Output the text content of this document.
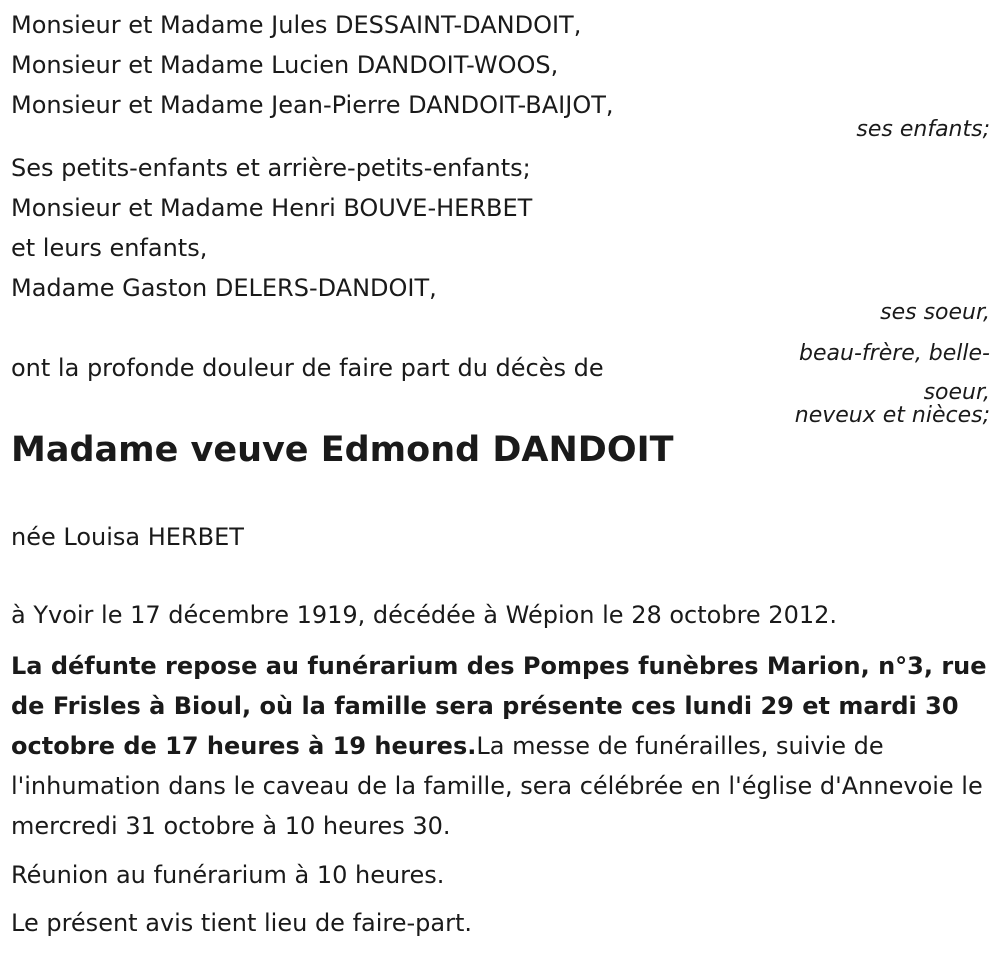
Monsieur et Madame Jules DESSAINT-DANDOIT,
Monsieur et Madame Lucien DANDOIT-WOOS,
Monsieur et Madame Jean-Pierre DANDOIT-BAIJOT,
ses enfants;
Ses petits-enfants et arrière-petits-enfants;
Monsieur et Madame Henri BOUVE-HERBET
et leurs enfants,
Madame Gaston DELERS-DANDOIT,
ses soeur,
beau-frère, belle-
soeur,
neveux et nièces;
ont la profonde douleur de faire part du décès de
Madame veuve Edmond DANDOIT
née Louisa HERBET
à Yvoir le 17 décembre 1919, décédée à Wépion le 28 octobre 2012.
La défunte repose au funérarium des Pompes funèbres Marion, n°3, rue de Frisles à Bioul, où la famille sera présente ces lundi 29 et mardi 30 octobre de 17 heures à 19 heures.La messe de funérailles, suivie de l'inhumation dans le caveau de la famille, sera célébrée en l'église d'Annevoie le mercredi 31 octobre à 10 heures 30.
Réunion au funérarium à 10 heures.
Le présent avis tient lieu de faire-part.
